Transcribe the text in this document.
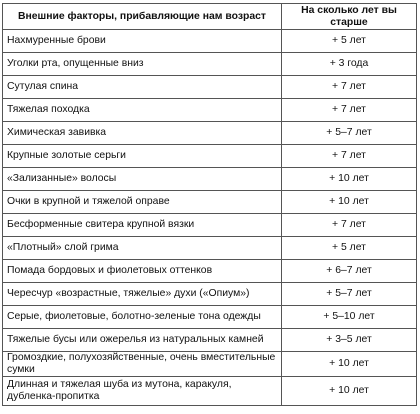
Внешние факторы, прибавляющие нам возраст	На сколько лет вы старше
Нахмуренные брови	+ 5 лет
Уголки рта, опущенные вниз	+ 3 года
Сутулая спина	+ 7 лет
Тяжелая походка	+ 7 лет
Химическая завивка	+ 5–7 лет
Крупные золотые серьги	+ 7 лет
«Зализанные» волосы	+ 10 лет
Очки в крупной и тяжелой оправе	+ 10 лет
Бесформенные свитера крупной вязки	+ 7 лет
«Плотный» слой грима	+ 5 лет
Помада бордовых и фиолетовых оттенков	+ 6–7 лет
Чересчур «возрастные, тяжелые» духи («Опиум»)	+ 5–7 лет
Серые, фиолетовые, болотно-зеленые тона одежды	+ 5–10 лет
Тяжелые бусы или ожерелья из натуральных камней	+ 3–5 лет
Громоздкие, полухозяйственные, очень вместительные сумки	+ 10 лет
Длинная и тяжелая шуба из мутона, каракуля, дубленка-пропитка	+ 10 лет
